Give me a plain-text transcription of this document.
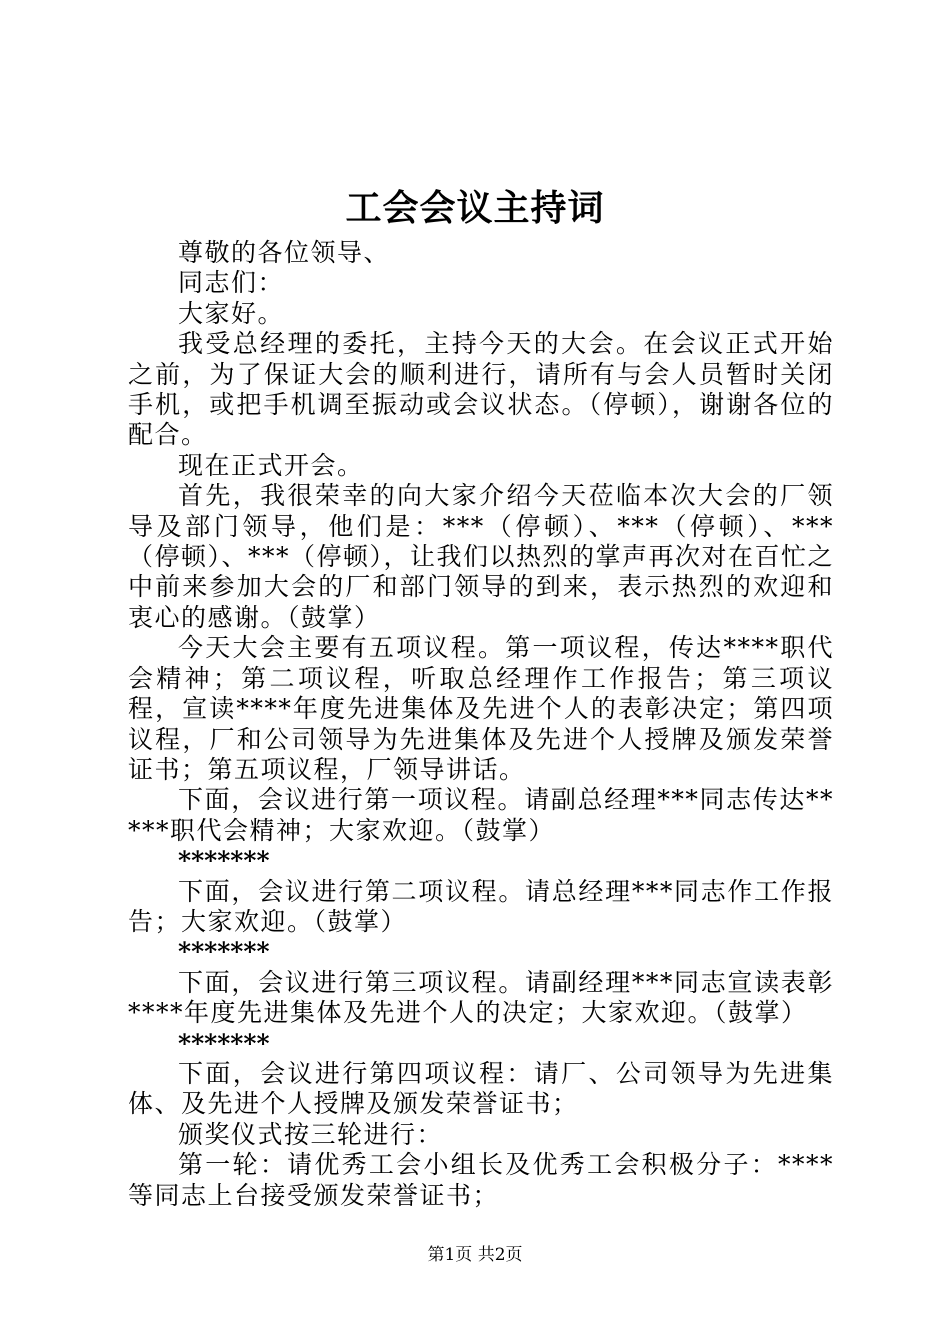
工会会议主持词

尊敬的各位领导、

同志们：

大家好。

我受总经理的委托，主持今天的大会。在会议正式开始之前，为了保证大会的顺利进行，请所有与会人员暂时关闭手机，或把手机调至振动或会议状态。（停顿），谢谢各位的配合。

现在正式开会。

首先，我很荣幸的向大家介绍今天莅临本次大会的厂领导及部门领导，他们是：***（停顿）、***（停顿）、***（停顿）、***（停顿），让我们以热烈的掌声再次对在百忙之中前来参加大会的厂和部门领导的到来，表示热烈的欢迎和衷心的感谢。（鼓掌）

今天大会主要有五项议程。第一项议程，传达****职代会精神；第二项议程，听取总经理作工作报告；第三项议程，宣读****年度先进集体及先进个人的表彰决定；第四项议程，厂和公司领导为先进集体及先进个人授牌及颁发荣誉证书；第五项议程，厂领导讲话。

下面，会议进行第一项议程。请副总经理***同志传达*****职代会精神；大家欢迎。（鼓掌）

*******

下面，会议进行第二项议程。请总经理***同志作工作报告；大家欢迎。（鼓掌）

*******

下面，会议进行第三项议程。请副经理***同志宣读表彰****年度先进集体及先进个人的决定；大家欢迎。（鼓掌）

*******

下面，会议进行第四项议程：请厂、公司领导为先进集体、及先进个人授牌及颁发荣誉证书；

颁奖仪式按三轮进行：

第一轮：请优秀工会小组长及优秀工会积极分子：****等同志上台接受颁发荣誉证书；

第1页 共2页
